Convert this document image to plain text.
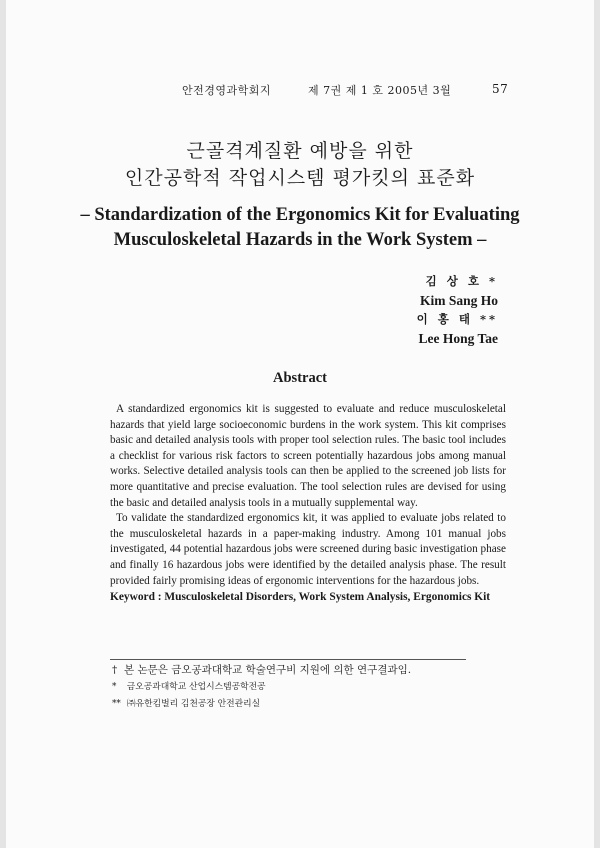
안전경영과학회지	제 7권 제 1 호 2005년 3월	57
근골격계질환 예방을 위한
인간공학적 작업시스템 평가킷의 표준화
– Standardization of the Ergonomics Kit for Evaluating
Musculoskeletal Hazards in the Work System –
김 상 호 *
Kim Sang Ho
이 홍 태 **
Lee Hong Tae
Abstract

A standardized ergonomics kit is suggested to evaluate and reduce musculoskeletal hazards that yield large socioeconomic burdens in the work system. This kit comprises basic and detailed analysis tools with proper tool selection rules. The basic tool includes a checklist for various risk factors to screen potentially hazardous jobs among manual works. Selective detailed analysis tools can then be applied to the screened job lists for more quantitative and precise evaluation. The tool selection rules are devised for using the basic and detailed analysis tools in a mutually supplemental way.

To validate the standardized ergonomics kit, it was applied to evaluate jobs related to the musculoskeletal hazards in a paper-making industry. Among 101 manual jobs investigated, 44 potential hazardous jobs were screened during basic investigation phase and finally 16 hazardous jobs were identified by the detailed analysis phase. The result provided fairly promising ideas of ergonomic interventions for the hazardous jobs.

Keyword : Musculoskeletal Disorders, Work System Analysis, Ergonomics Kit
† 본 논문은 금오공과대학교 학술연구비 지원에 의한 연구결과임.
* 금오공과대학교 산업시스템공학전공
** ㈜유한킴벌리 김천공장 안전관리실
